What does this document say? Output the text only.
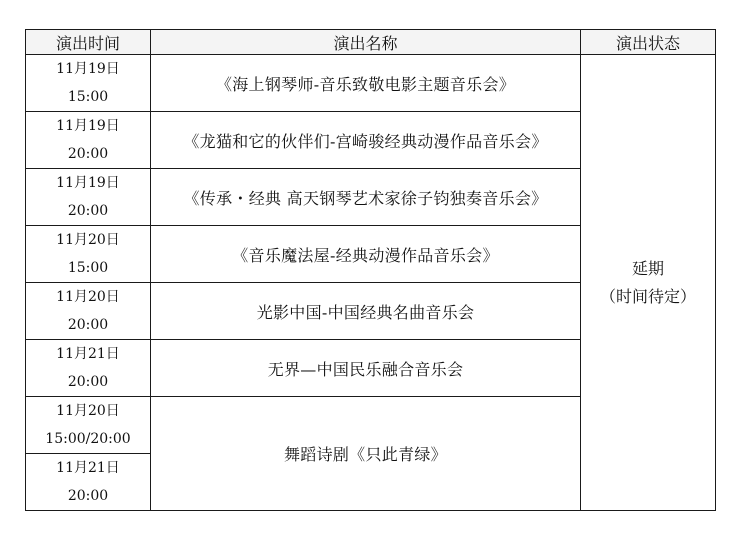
演出时间	演出名称	演出状态

11月19日
15:00	《海上钢琴师-音乐致敬电影主题音乐会》	延期
（时间待定）

11月19日
20:00	《龙猫和它的伙伴们-宫崎骏经典动漫作品音乐会》	

11月19日
20:00	《传承・经典 高天钢琴艺术家徐子钧独奏音乐会》	

11月20日
15:00	《音乐魔法屋-经典动漫作品音乐会》	

11月20日
20:00	光影中国-中国经典名曲音乐会	

11月21日
20:00	无界—中国民乐融合音乐会	

11月20日
15:00/20:00	舞蹈诗剧《只此青绿》	

11月21日
20:00		
